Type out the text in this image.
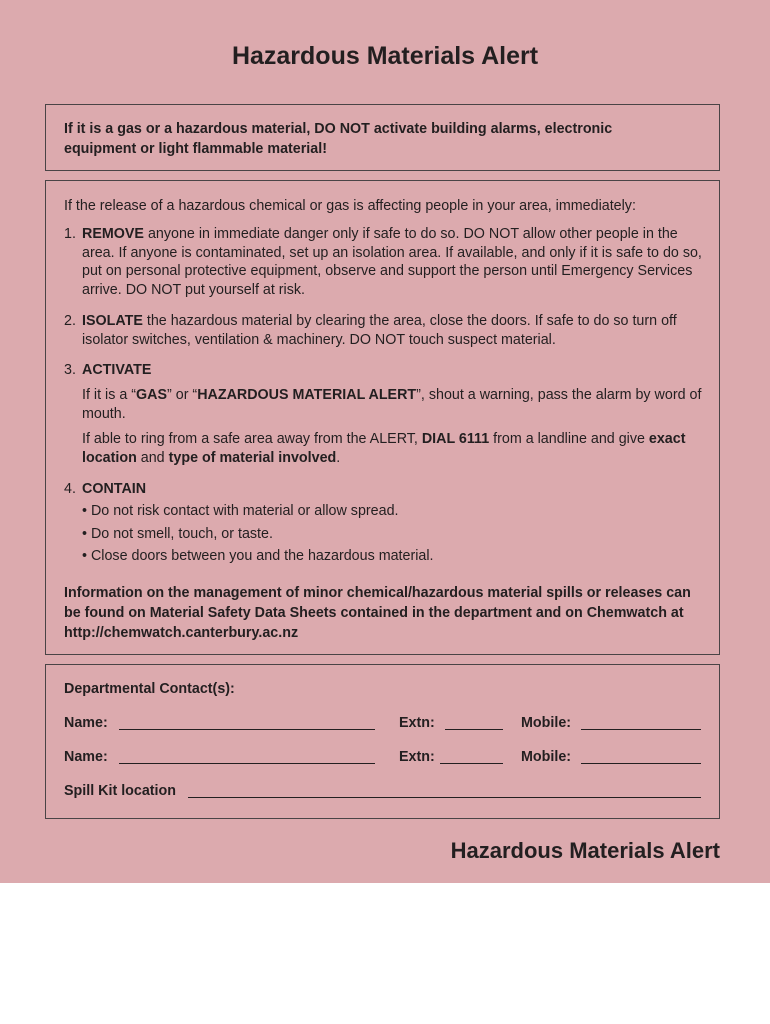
Hazardous Materials Alert
If it is a gas or a hazardous material, DO NOT activate building alarms, electronic equipment or light flammable material!
If the release of a hazardous chemical or gas is affecting people in your area, immediately:
1. REMOVE anyone in immediate danger only if safe to do so. DO NOT allow other people in the area. If anyone is contaminated, set up an isolation area. If available, and only if it is safe to do so, put on personal protective equipment, observe and support the person until Emergency Services arrive. DO NOT put yourself at risk.
2. ISOLATE the hazardous material by clearing the area, close the doors. If safe to do so turn off isolator switches, ventilation & machinery. DO NOT touch suspect material.
3. ACTIVATE
If it is a “GAS” or “HAZARDOUS MATERIAL ALERT”, shout a warning, pass the alarm by word of mouth.
If able to ring from a safe area away from the ALERT, DIAL 6111 from a landline and give exact location and type of material involved.
4. CONTAIN
• Do not risk contact with material or allow spread.
• Do not smell, touch, or taste.
• Close doors between you and the hazardous material.
Information on the management of minor chemical/hazardous material spills or releases can be found on Material Safety Data Sheets contained in the department and on Chemwatch at http://chemwatch.canterbury.ac.nz
Departmental Contact(s):
Name:	Extn:	Mobile:
Name:	Extn:	Mobile:
Spill Kit location
Hazardous Materials Alert
